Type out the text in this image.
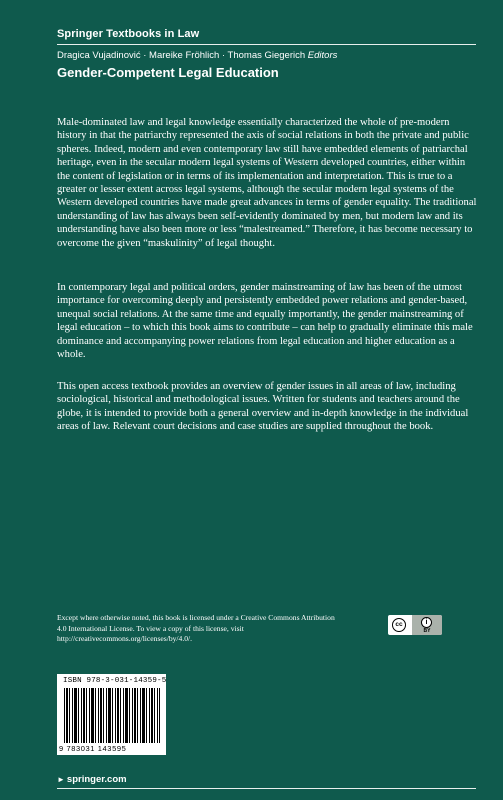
Springer Textbooks in Law
Dragica Vujadinović · Mareike Fröhlich · Thomas Giegerich Editors
Gender-Competent Legal Education

Male-dominated law and legal knowledge essentially characterized the whole of pre-modern history in that the patriarchy represented the axis of social relations in both the private and public spheres. Indeed, modern and even contemporary law still have embedded elements of patriarchal heritage, even in the secular modern legal systems of Western developed countries, either within the content of legislation or in terms of its implementation and interpretation. This is true to a greater or lesser extent across legal systems, although the secular modern legal systems of the Western developed countries have made great advances in terms of gender equality. The traditional understanding of law has always been self-evidently dominated by men, but modern law and its understanding have also been more or less “malestreamed.” Therefore, it has become necessary to overcome the given “maskulinity” of legal thought.

In contemporary legal and political orders, gender mainstreaming of law has been of the utmost importance for overcoming deeply and persistently embedded power relations and gender-based, unequal social relations. At the same time and equally importantly, the gender mainstreaming of legal education – to which this book aims to contribute – can help to gradually eliminate this male dominance and accompanying power relations from legal education and higher education as a whole.

This open access textbook provides an overview of gender issues in all areas of law, including sociological, historical and methodological issues. Written for students and teachers around the globe, it is intended to provide both a general overview and in-depth knowledge in the individual areas of law. Relevant court decisions and case studies are supplied throughout the book.

Except where otherwise noted, this book is licensed under a Creative Commons Attribution 4.0 International License. To view a copy of this license, visit http://creativecommons.org/licenses/by/4.0/.
cc	i
BY
ISBN 978-3-031-14359-5
9 783031 143595
► springer.com
